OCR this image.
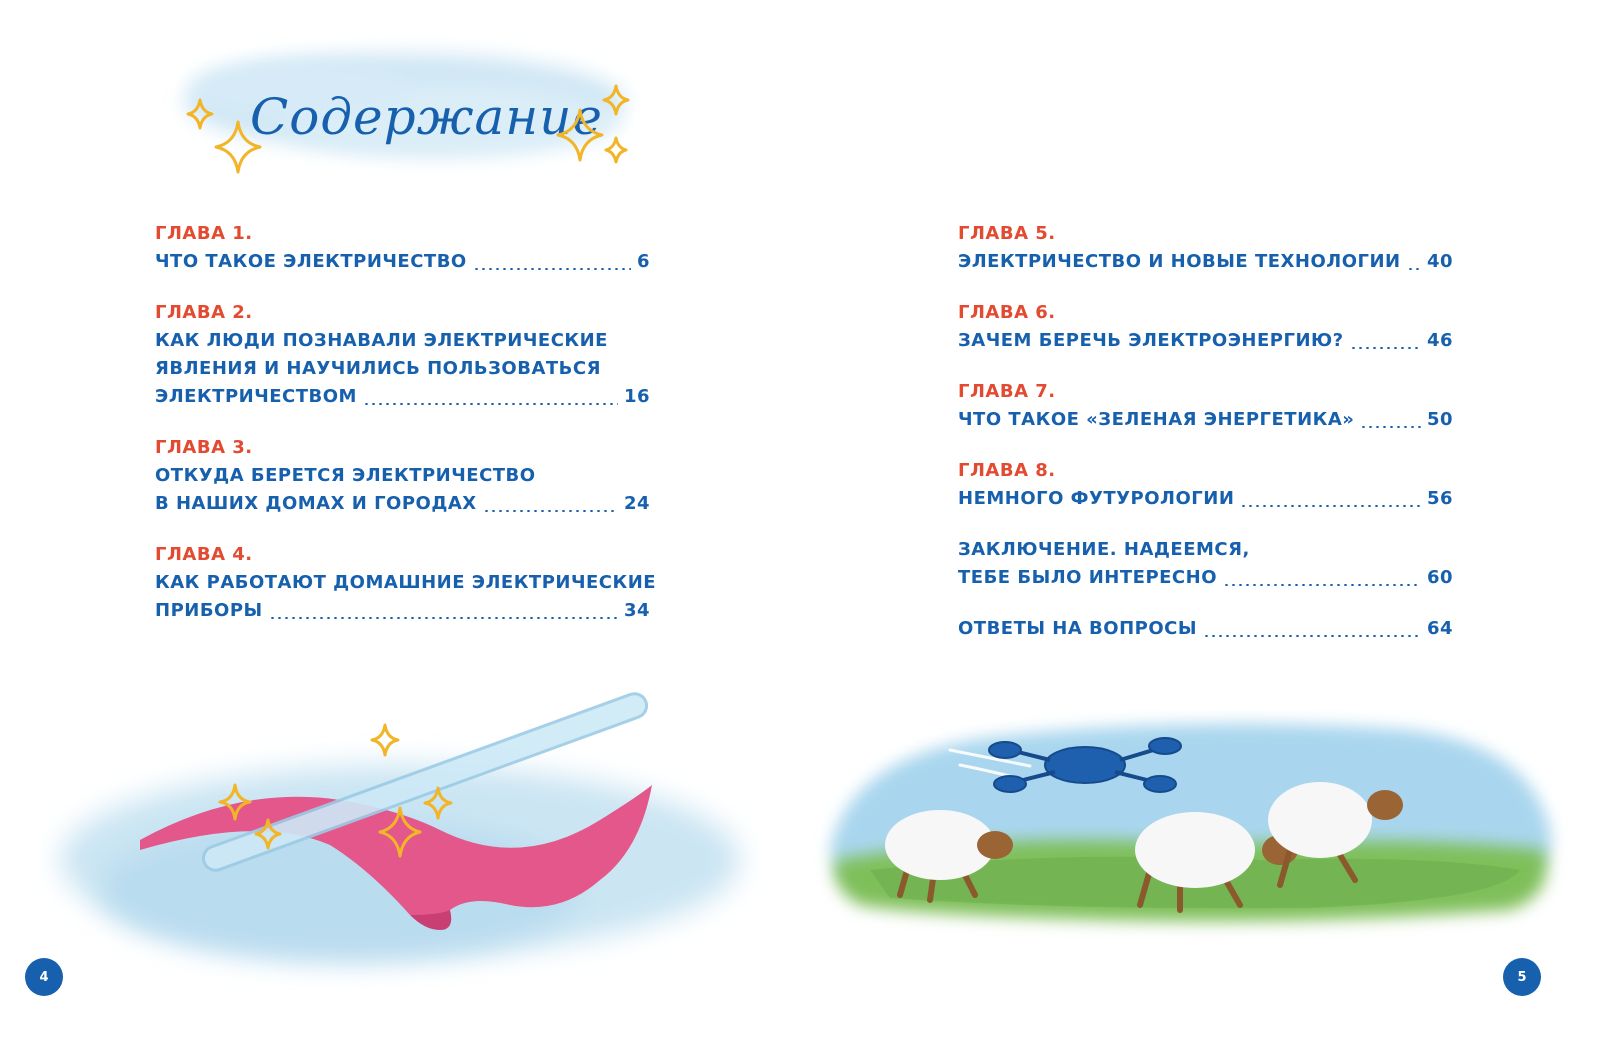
Содержание
ГЛАВА 1.
ЧТО ТАКОЕ ЭЛЕКТРИЧЕСТВО	6
ГЛАВА 2.
КАК ЛЮДИ ПОЗНАВАЛИ ЭЛЕКТРИЧЕСКИЕ
ЯВЛЕНИЯ И НАУЧИЛИСЬ ПОЛЬЗОВАТЬСЯ
ЭЛЕКТРИЧЕСТВОМ	16
ГЛАВА 3.
ОТКУДА БЕРЕТСЯ ЭЛЕКТРИЧЕСТВО
В НАШИХ ДОМАХ И ГОРОДАХ	24
ГЛАВА 4.
КАК РАБОТАЮТ ДОМАШНИЕ ЭЛЕКТРИЧЕСКИЕ
ПРИБОРЫ	34
4
ГЛАВА 5.
ЭЛЕКТРИЧЕСТВО И НОВЫЕ ТЕХНОЛОГИИ 40
ГЛАВА 6.
ЗАЧЕМ БЕРЕЧЬ ЭЛЕКТРОЭНЕРГИЮ?	46
ГЛАВА 7.
ЧТО ТАКОЕ «ЗЕЛЕНАЯ ЭНЕРГЕТИКА»	50
ГЛАВА 8.
НЕМНОГО ФУТУРОЛОГИИ	56
ЗАКЛЮЧЕНИЕ. НАДЕЕМСЯ,
ТЕБЕ БЫЛО ИНТЕРЕСНО	60
ОТВЕТЫ НА ВОПРОСЫ	64
5
